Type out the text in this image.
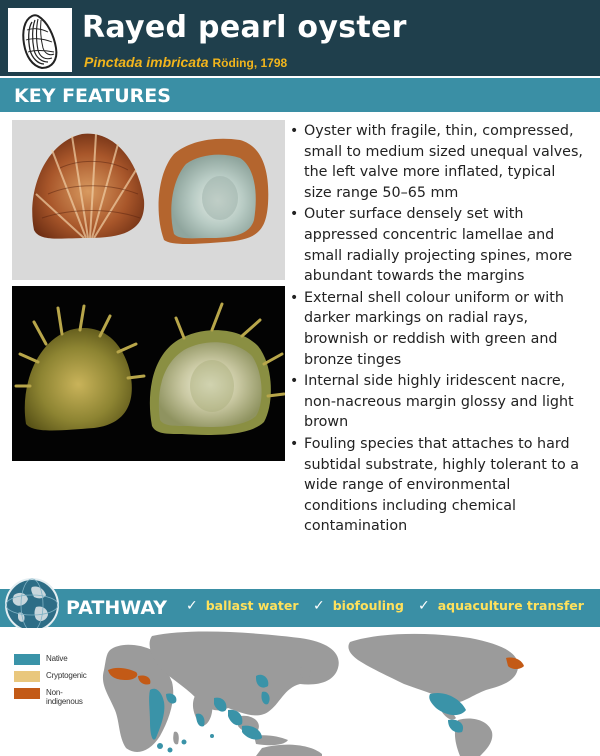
Rayed pearl oyster
Pinctada imbricata Röding, 1798
KEY FEATURES
• Oyster with fragile, thin, compressed, small to medium sized unequal valves, the left valve more inflated, typical size range 50–65 mm
• Outer surface densely set with appressed concentric lamellae and small radially projecting spines, more abundant towards the margins
• External shell colour uniform or with darker markings on radial rays, brownish or reddish with green and bronze tinges
• Internal side highly iridescent nacre, non-nacreous margin glossy and light brown
• Fouling species that attaches to hard subtidal substrate, highly tolerant to a wide range of environmental conditions including chemical contamination
PATHWAY ✓ ballast water ✓ biofouling ✓ aquaculture transfer
Native
Cryptogenic
Non-indigenous
